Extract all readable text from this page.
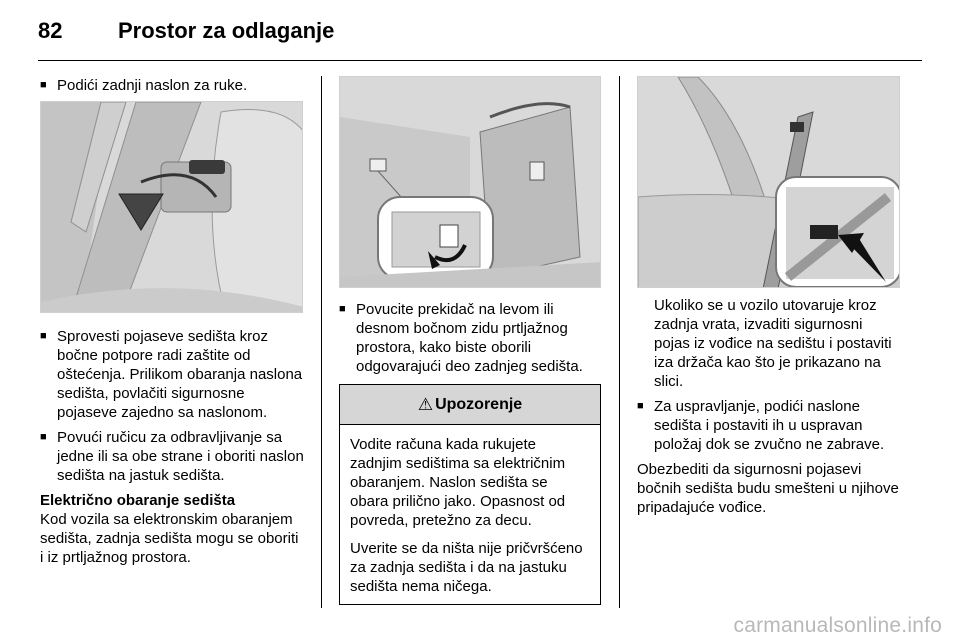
82	Prostor za odlaganje
■ Podići zadnji naslon za ruke.
■ Sprovesti pojaseve sedišta kroz bočne potpore radi zaštite od oštećenja. Prilikom obaranja naslona sedišta, povlačiti sigurnosne pojaseve zajedno sa naslonom.
■ Povući ručicu za odbravljivanje sa jedne ili sa obe strane i oboriti naslon sedišta na jastuk sedišta.
Električno obaranje sedišta
Kod vozila sa elektronskim obaranjem sedišta, zadnja sedišta mogu se oboriti i iz prtljažnog prostora.
■ Povucite prekidač na levom ili desnom bočnom zidu prtljažnog prostora, kako biste oborili odgovarajući deo zadnjeg sedišta.
⚠ Upozorenje

Vodite računa kada rukujete zadnjim sedištima sa električnim obaranjem. Naslon sedišta se obara prilično jako. Opasnost od povreda, pretežno za decu.

Uverite se da ništa nije pričvršćeno za zadnja sedišta i da na jastuku sedišta nema ničega.

Ukoliko se u vozilo utovaruje kroz zadnja vrata, izvaditi sigurnosni pojas iz vođice na sedištu i postaviti iza držača kao što je prikazano na slici.
■ Za uspravljanje, podići naslone sedišta i postaviti ih u uspravan položaj dok se zvučno ne zabrave.
Obezbediti da sigurnosni pojasevi bočnih sedišta budu smešteni u njihove pripadajuće vođice.
carmanualsonline.info
